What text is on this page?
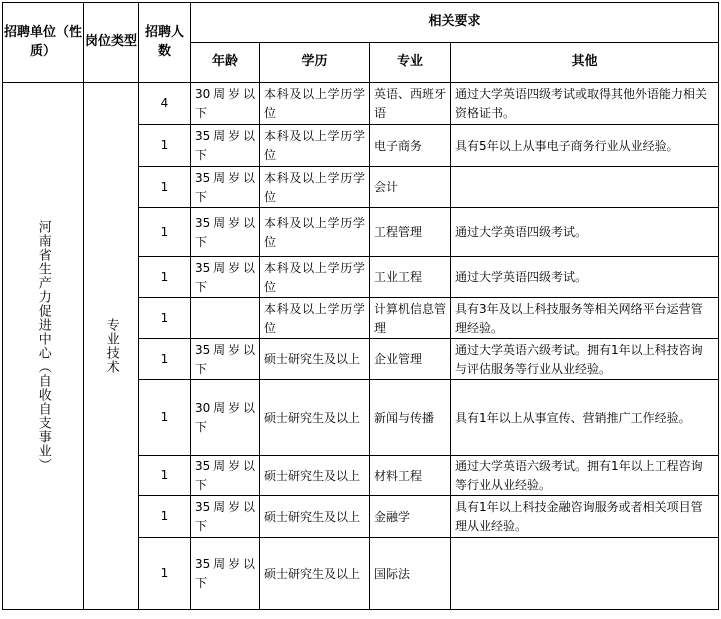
招聘单位（性质）	岗位类型	招聘人数	相关要求			
			年龄	学历	专业	其他

河南省生产力促进中心（自收自支事业）	专业技术	4	30周岁以下	本科及以上学历学位	英语、西班牙语	通过大学英语四级考试或取得其他外语能力相关资格证书。
		1	35周岁以下	本科及以上学历学位	电子商务	具有5年以上从事电子商务行业从业经验。
		1	35周岁以下	本科及以上学历学位	会计	
		1	35周岁以下	本科及以上学历学位	工程管理	通过大学英语四级考试。
		1	35周岁以下	本科及以上学历学位	工业工程	通过大学英语四级考试。
		1		本科及以上学历学位	计算机信息管理	具有3年及以上科技服务等相关网络平台运营管理经验。
		1	35周岁以下	硕士研究生及以上	企业管理	通过大学英语六级考试。拥有1年以上科技咨询与评估服务等行业从业经验。
		1	30周岁以下	硕士研究生及以上	新闻与传播	具有1年以上从事宣传、营销推广工作经验。
		1	35周岁以下	硕士研究生及以上	材料工程	通过大学英语六级考试。拥有1年以上工程咨询等行业从业经验。
		1	35周岁以下	硕士研究生及以上	金融学	具有1年以上科技金融咨询服务或者相关项目管理从业经验。
		1	35周岁以下	硕士研究生及以上	国际法	
